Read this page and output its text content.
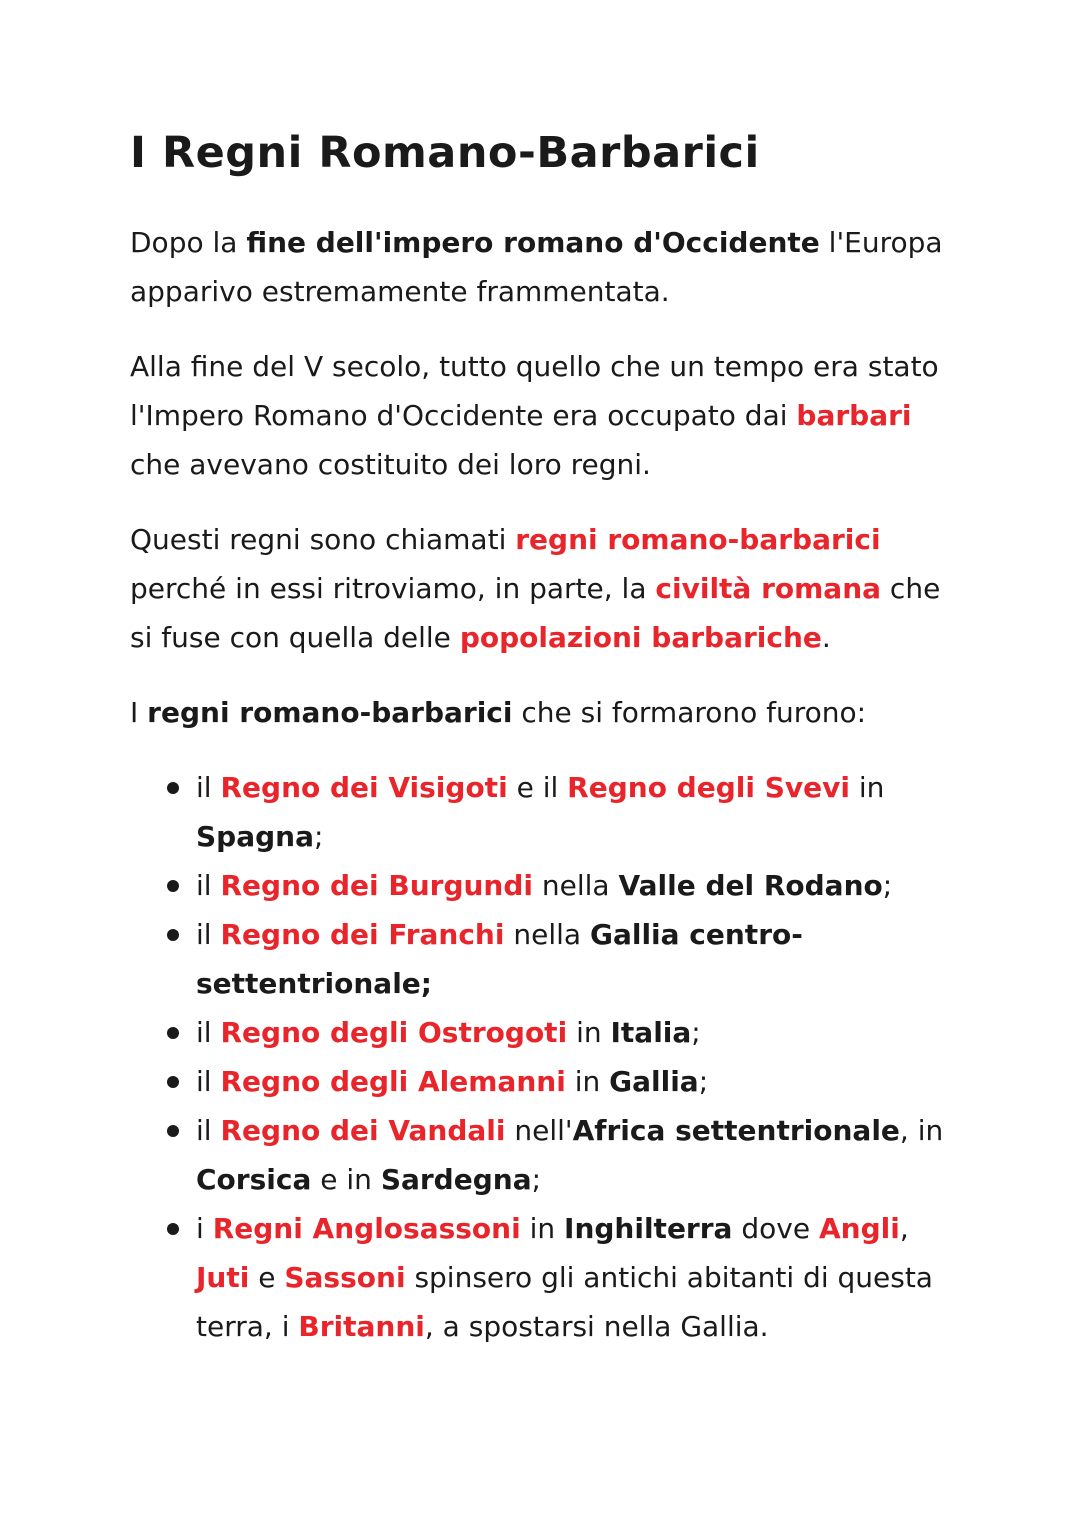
I Regni Romano-Barbarici

Dopo la fine dell'impero romano d'Occidente l'Europa apparivo estremamente frammentata.

Alla fine del V secolo, tutto quello che un tempo era stato l'Impero Romano d'Occidente era occupato dai barbari che avevano costituito dei loro regni.

Questi regni sono chiamati regni romano-barbarici perché in essi ritroviamo, in parte, la civiltà romana che si fuse con quella delle popolazioni barbariche.

I regni romano-barbarici che si formarono furono:

il Regno dei Visigoti e il Regno degli Svevi in Spagna;
il Regno dei Burgundi nella Valle del Rodano;
il Regno dei Franchi nella Gallia centro-settentrionale;
il Regno degli Ostrogoti in Italia;
il Regno degli Alemanni in Gallia;
il Regno dei Vandali nell'Africa settentrionale, in Corsica e in Sardegna;
i Regni Anglosassoni in Inghilterra dove Angli, Juti e Sassoni spinsero gli antichi abitanti di questa terra, i Britanni, a spostarsi nella Gallia.
